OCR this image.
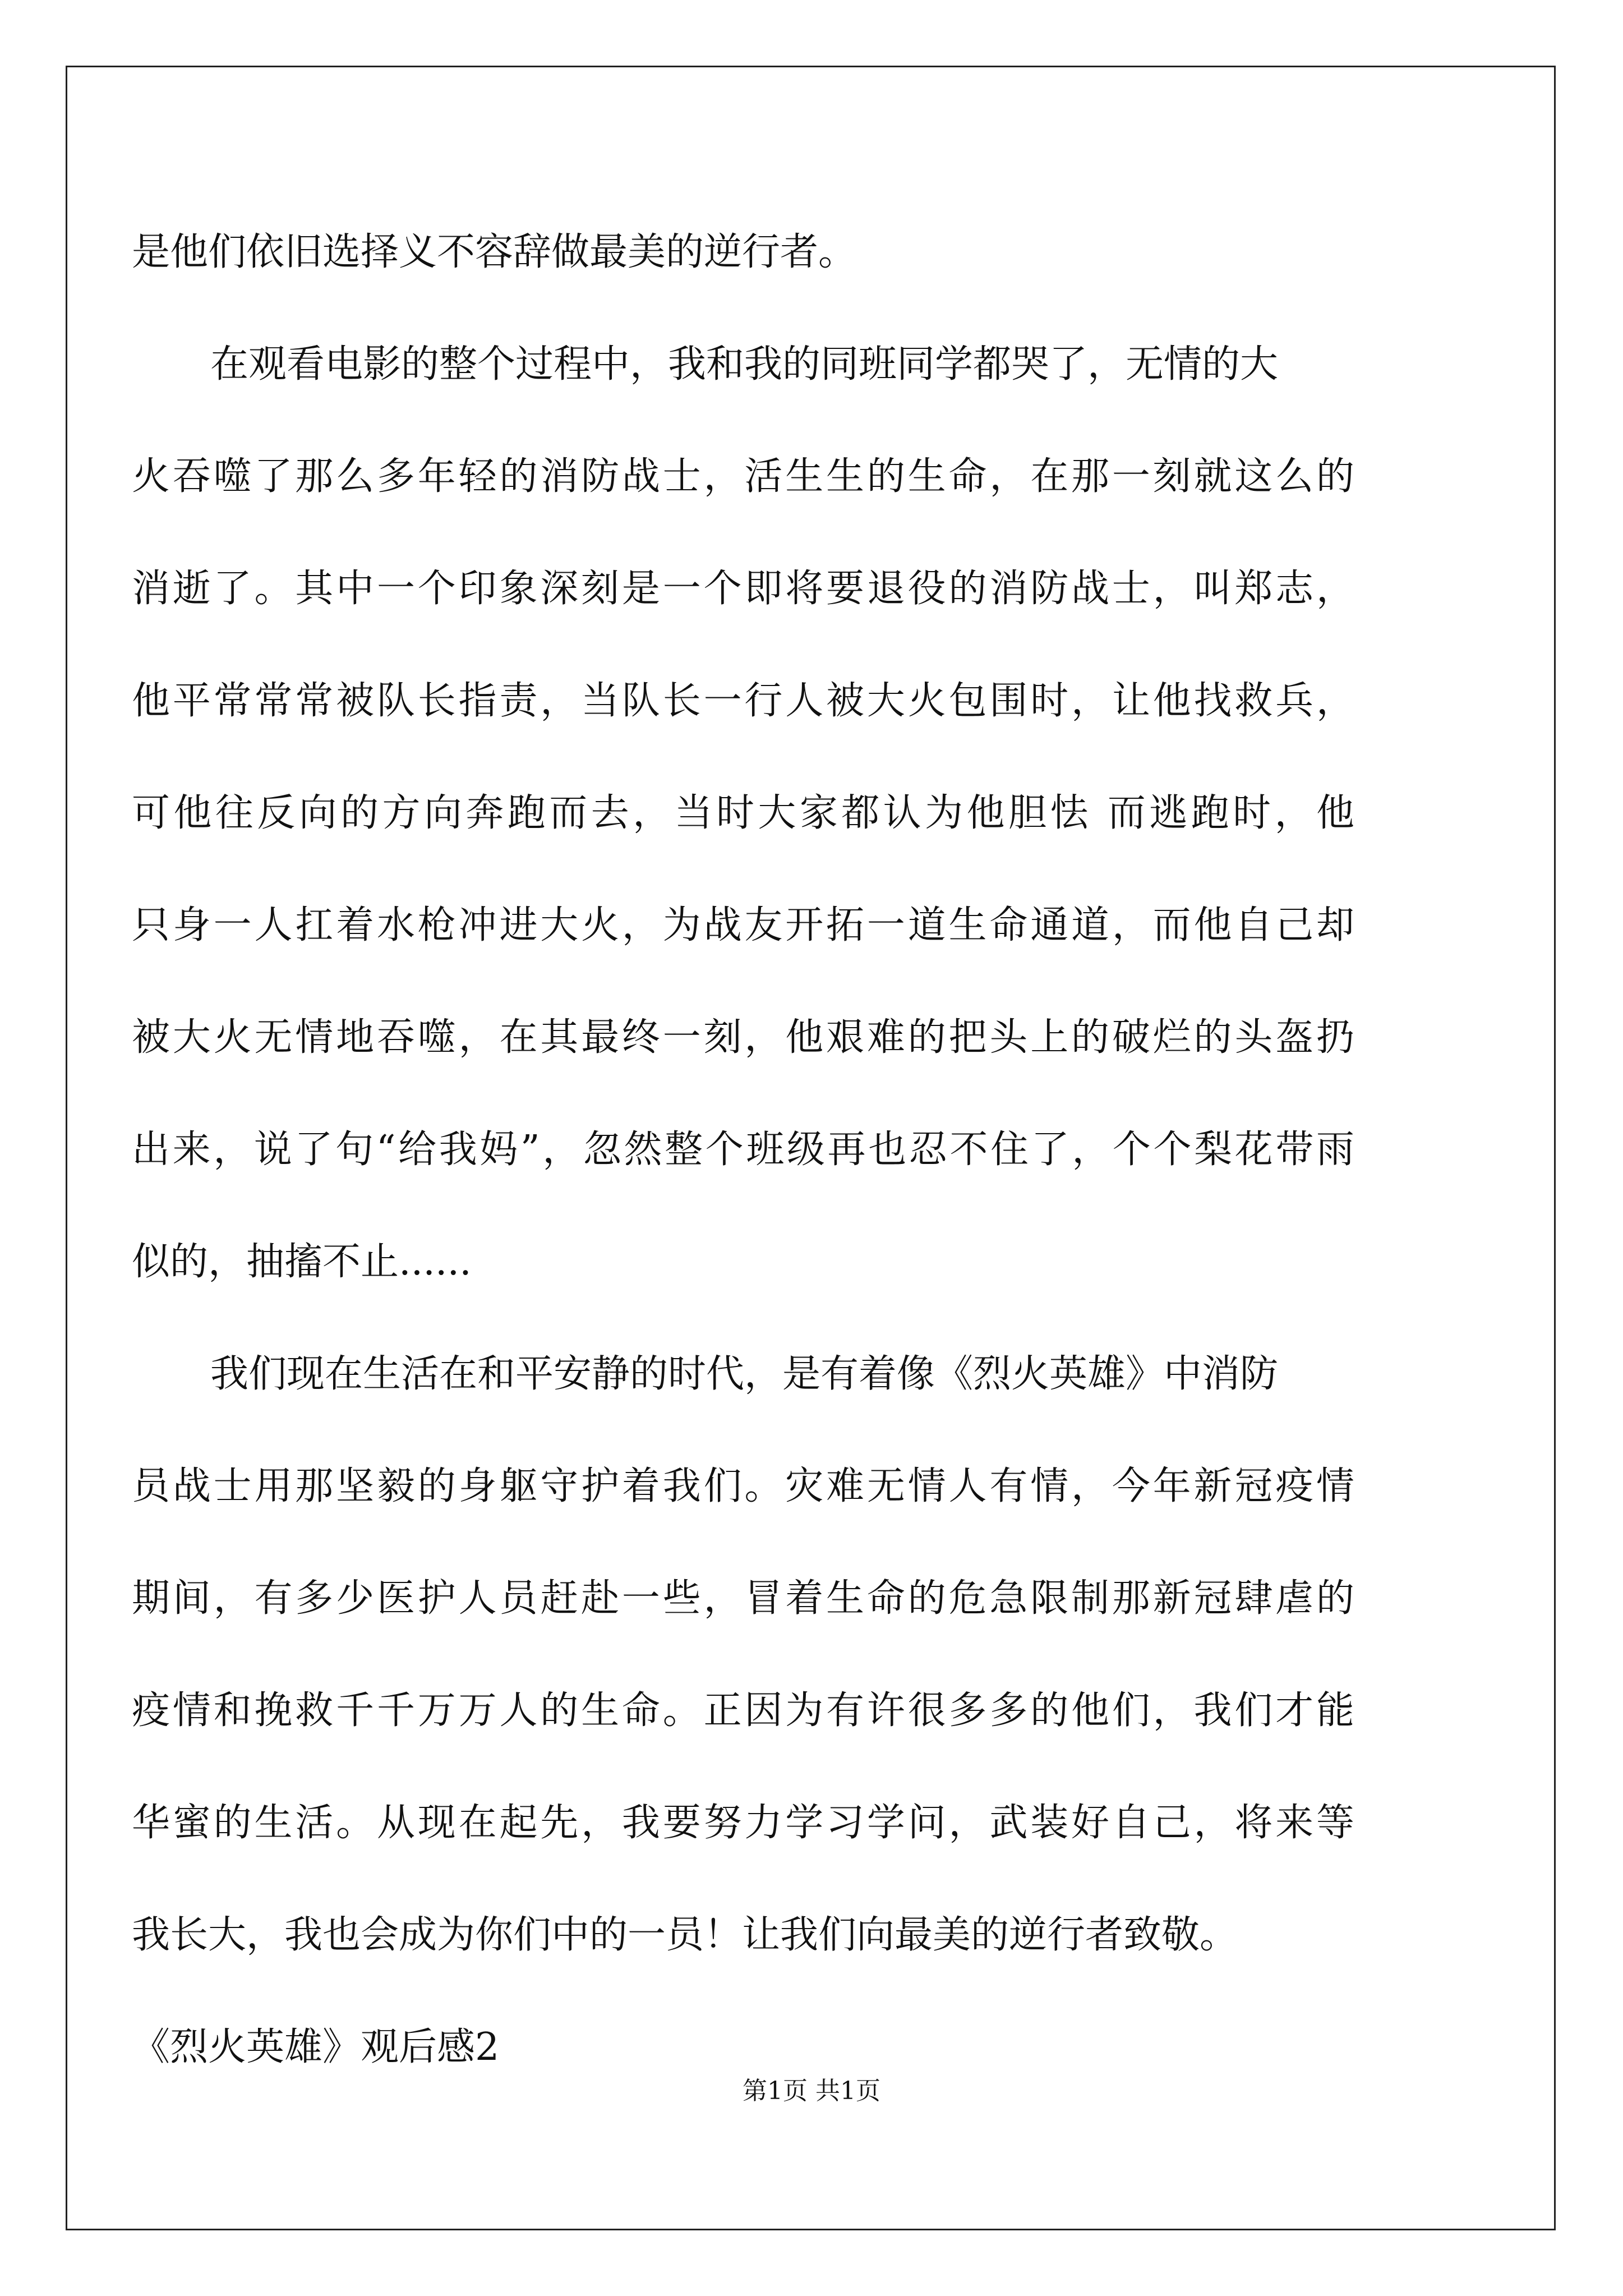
是他们依旧选择义不容辞做最美的逆行者。
在观看电影的整个过程中，我和我的同班同学都哭了，无情的大
火吞噬了那么多年轻的消防战士，活生生的生命，在那一刻就这么的
消逝了。其中一个印象深刻是一个即将要退役的消防战士，叫郑志，
他平常常常被队长指责，当队长一行人被大火包围时，让他找救兵，
可他往反向的方向奔跑而去，当时大家都认为他胆怯 而逃跑时，他
只身一人扛着水枪冲进大火，为战友开拓一道生命通道，而他自己却
被大火无情地吞噬，在其最终一刻，他艰难的把头上的破烂的头盔扔
出来，说了句“给我妈”，忽然整个班级再也忍不住了，个个梨花带雨
似的，抽搐不止......
我们现在生活在和平安静的时代，是有着像《烈火英雄》中消防
员战士用那坚毅的身躯守护着我们。灾难无情人有情，今年新冠疫情
期间，有多少医护人员赶赴一些，冒着生命的危急限制那新冠肆虐的
疫情和挽救千千万万人的生命。正因为有许很多多的他们，我们才能
华蜜的生活。从现在起先，我要努力学习学问，武装好自己，将来等
我长大，我也会成为你们中的一员！让我们向最美的逆行者致敬。
《烈火英雄》观后感2
第1页 共1页
